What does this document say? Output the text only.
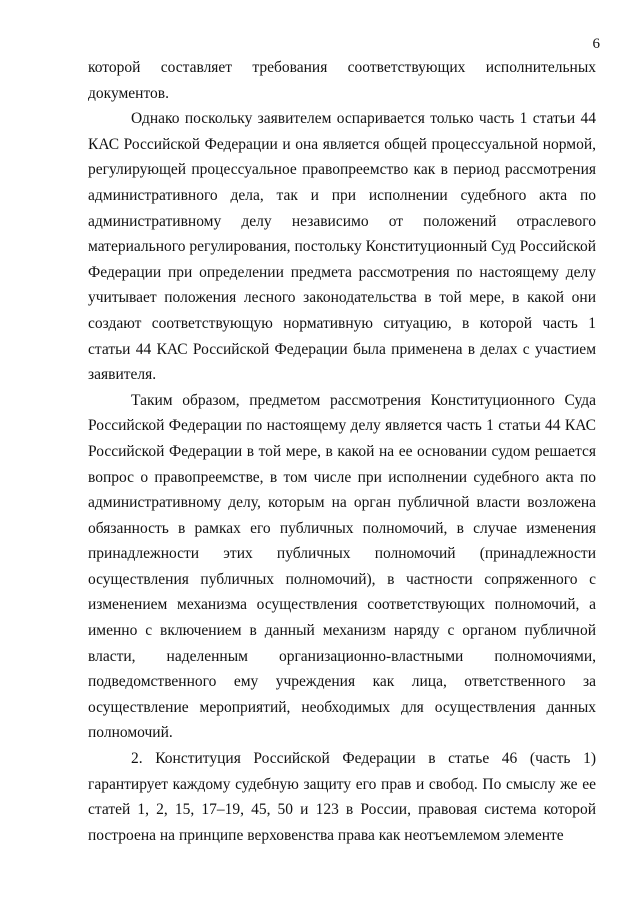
6

которой составляет требования соответствующих исполнительных документов.

Однако поскольку заявителем оспаривается только часть 1 статьи 44 КАС Российской Федерации и она является общей процессуальной нормой, регулирующей процессуальное правопреемство как в период рассмотрения административного дела, так и при исполнении судебного акта по административному делу независимо от положений отраслевого материального регулирования, постольку Конституционный Суд Российской Федерации при определении предмета рассмотрения по настоящему делу учитывает положения лесного законодательства в той мере, в какой они создают соответствующую нормативную ситуацию, в которой часть 1 статьи 44 КАС Российской Федерации была применена в делах с участием заявителя.

Таким образом, предметом рассмотрения Конституционного Суда Российской Федерации по настоящему делу является часть 1 статьи 44 КАС Российской Федерации в той мере, в какой на ее основании судом решается вопрос о правопреемстве, в том числе при исполнении судебного акта по административному делу, которым на орган публичной власти возложена обязанность в рамках его публичных полномочий, в случае изменения принадлежности этих публичных полномочий (принадлежности осуществления публичных полномочий), в частности сопряженного с изменением механизма осуществления соответствующих полномочий, а именно с включением в данный механизм наряду с органом публичной власти, наделенным организационно-властными полномочиями, подведомственного ему учреждения как лица, ответственного за осуществление мероприятий, необходимых для осуществления данных полномочий.

2. Конституция Российской Федерации в статье 46 (часть 1) гарантирует каждому судебную защиту его прав и свобод. По смыслу же ее статей 1, 2, 15, 17–19, 45, 50 и 123 в России, правовая система которой построена на принципе верховенства права как неотъемлемом элементе
